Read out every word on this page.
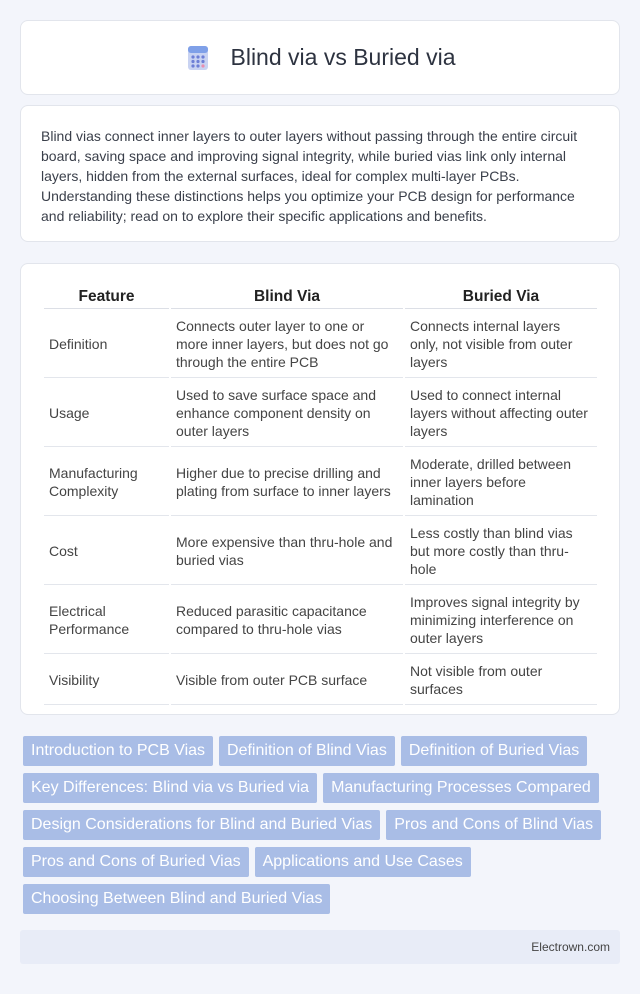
Blind via vs Buried via

Blind vias connect inner layers to outer layers without passing through the entire circuit board, saving space and improving signal integrity, while buried vias link only internal layers, hidden from the external surfaces, ideal for complex multi-layer PCBs. Understanding these distinctions helps you optimize your PCB design for performance and reliability; read on to explore their specific applications and benefits.

Feature	Blind Via	Buried Via
Definition	Connects outer layer to one or more inner layers, but does not go through the entire PCB	Connects internal layers only, not visible from outer layers
Usage	Used to save surface space and enhance component density on outer layers	Used to connect internal layers without affecting outer layers
Manufacturing Complexity	Higher due to precise drilling and plating from surface to inner layers	Moderate, drilled between inner layers before lamination
Cost	More expensive than thru-hole and buried vias	Less costly than blind vias but more costly than thru-hole
Electrical Performance	Reduced parasitic capacitance compared to thru-hole vias	Improves signal integrity by minimizing interference on outer layers
Visibility	Visible from outer PCB surface	Not visible from outer surfaces
Introduction to PCB Vias Definition of Blind Vias Definition of Buried Vias
Key Differences: Blind via vs Buried via Manufacturing Processes Compared
Design Considerations for Blind and Buried Vias Pros and Cons of Blind Vias
Pros and Cons of Buried Vias Applications and Use Cases
Choosing Between Blind and Buried Vias
Electrown.com
